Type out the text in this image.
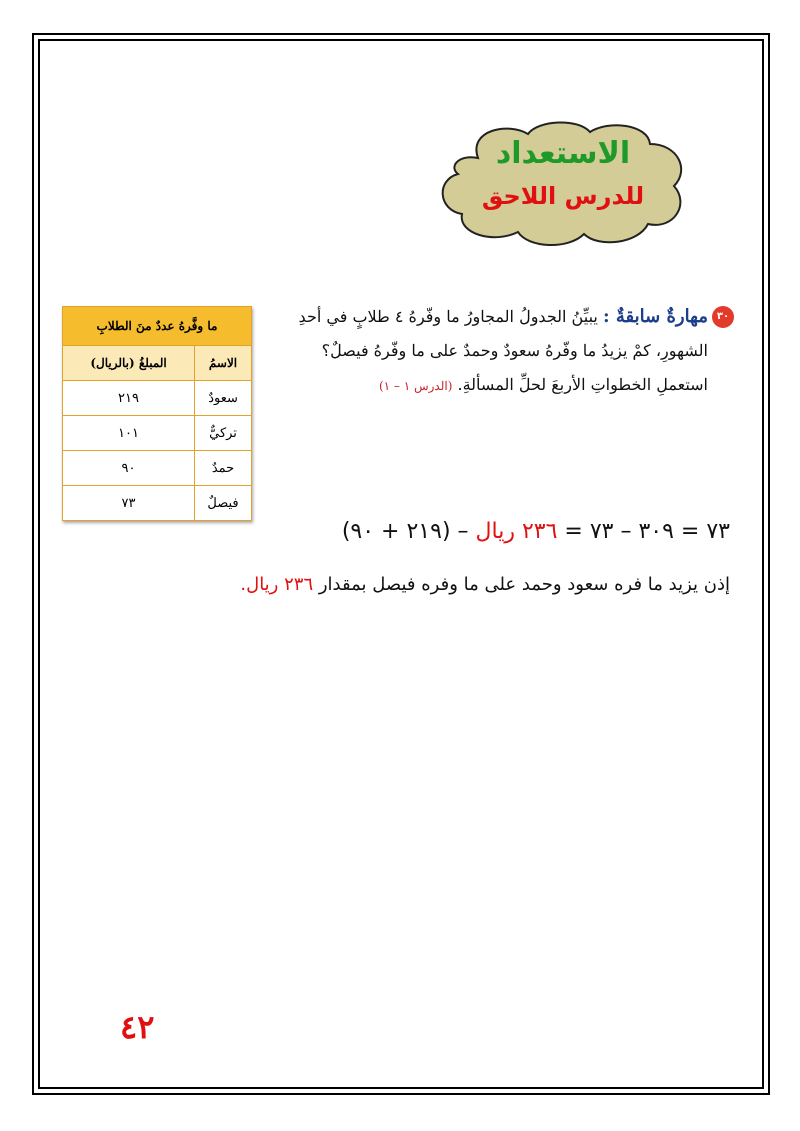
الاستعداد
للدرس اللاحق
٣٠
مهارةٌ سابقةٌ : يبيِّنُ الجدولُ المجاورُ ما وفّرهُ ٤ طلابٍ في أحدِ الشهورِ، كمْ يزيدُ ما وفّرهُ سعودٌ وحمدٌ على ما وفّرهُ فيصلٌ؟ استعملِ الخطواتِ الأربعَ لحلِّ المسألةِ. (الدرس ١ – ١)
ما وفَّرهُ عددٌ منَ الطلابِ	
الاسمُ	المبلغُ (بالريال)
سعودٌ	٢١٩
تركيٌّ	١٠١
حمدٌ	٩٠
فيصلٌ	٧٣
(٢١٩ + ٩٠) – ٧٣ = ٣٠٩ – ٧٣ = ٢٣٦ ريال
إذن يزيد ما فره سعود وحمد على ما وفره فيصل بمقدار ٢٣٦ ريال.
٤٢
